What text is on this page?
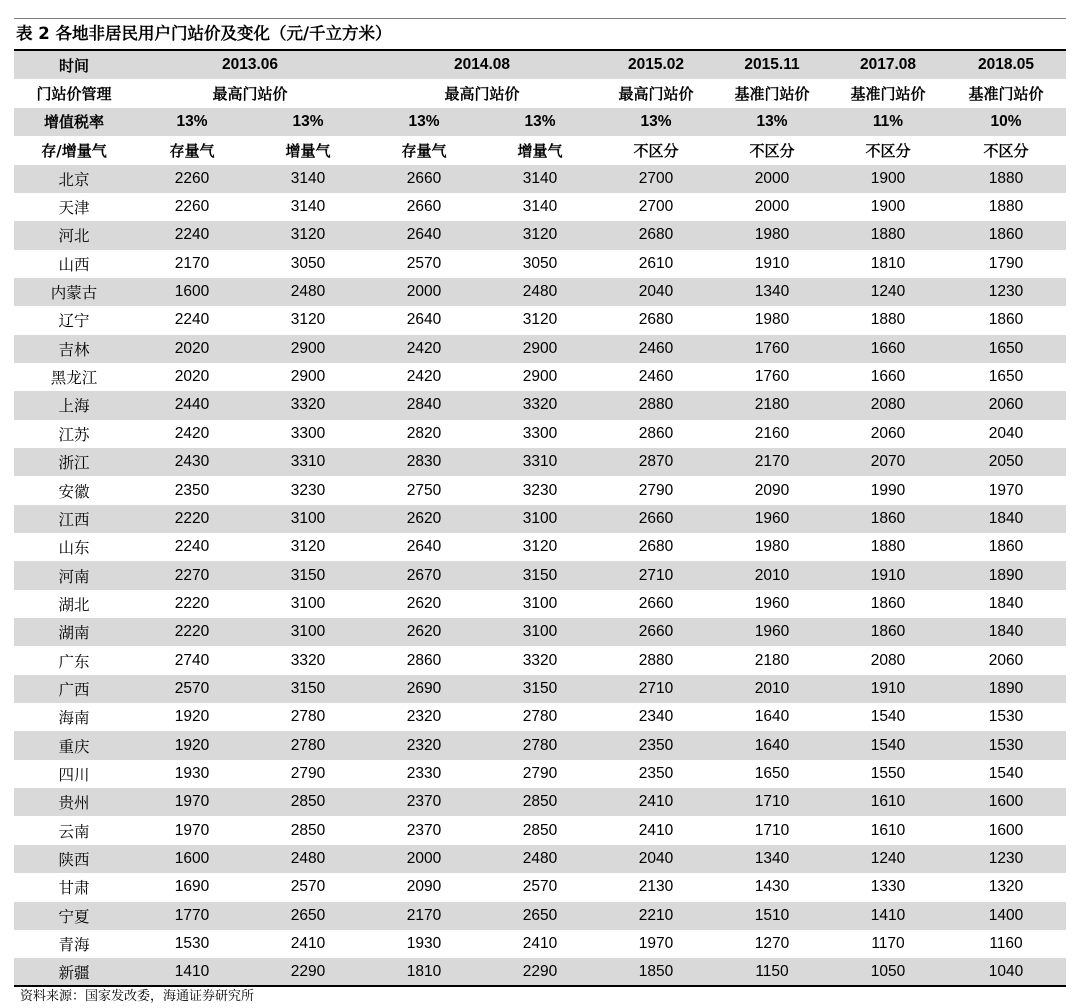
表 2 各地非居民用户门站价及变化（元/千立方米）
时间	2013.06		2014.08		2015.02	2015.11	2017.08	2018.05
门站价管理	最高门站价		最高门站价		最高门站价	基准门站价	基准门站价	基准门站价
增值税率	13%	13%	13%	13%	13%	13%	11%	10%
存/增量气	存量气	增量气	存量气	增量气	不区分	不区分	不区分	不区分
北京	2260	3140	2660	3140	2700	2000	1900	1880
天津	2260	3140	2660	3140	2700	2000	1900	1880
河北	2240	3120	2640	3120	2680	1980	1880	1860
山西	2170	3050	2570	3050	2610	1910	1810	1790
内蒙古	1600	2480	2000	2480	2040	1340	1240	1230
辽宁	2240	3120	2640	3120	2680	1980	1880	1860
吉林	2020	2900	2420	2900	2460	1760	1660	1650
黑龙江	2020	2900	2420	2900	2460	1760	1660	1650
上海	2440	3320	2840	3320	2880	2180	2080	2060
江苏	2420	3300	2820	3300	2860	2160	2060	2040
浙江	2430	3310	2830	3310	2870	2170	2070	2050
安徽	2350	3230	2750	3230	2790	2090	1990	1970
江西	2220	3100	2620	3100	2660	1960	1860	1840
山东	2240	3120	2640	3120	2680	1980	1880	1860
河南	2270	3150	2670	3150	2710	2010	1910	1890
湖北	2220	3100	2620	3100	2660	1960	1860	1840
湖南	2220	3100	2620	3100	2660	1960	1860	1840
广东	2740	3320	2860	3320	2880	2180	2080	2060
广西	2570	3150	2690	3150	2710	2010	1910	1890
海南	1920	2780	2320	2780	2340	1640	1540	1530
重庆	1920	2780	2320	2780	2350	1640	1540	1530
四川	1930	2790	2330	2790	2350	1650	1550	1540
贵州	1970	2850	2370	2850	2410	1710	1610	1600
云南	1970	2850	2370	2850	2410	1710	1610	1600
陕西	1600	2480	2000	2480	2040	1340	1240	1230
甘肃	1690	2570	2090	2570	2130	1430	1330	1320
宁夏	1770	2650	2170	2650	2210	1510	1410	1400
青海	1530	2410	1930	2410	1970	1270	1170	1160
新疆	1410	2290	1810	2290	1850	1150	1050	1040
资料来源：国家发改委，海通证券研究所
